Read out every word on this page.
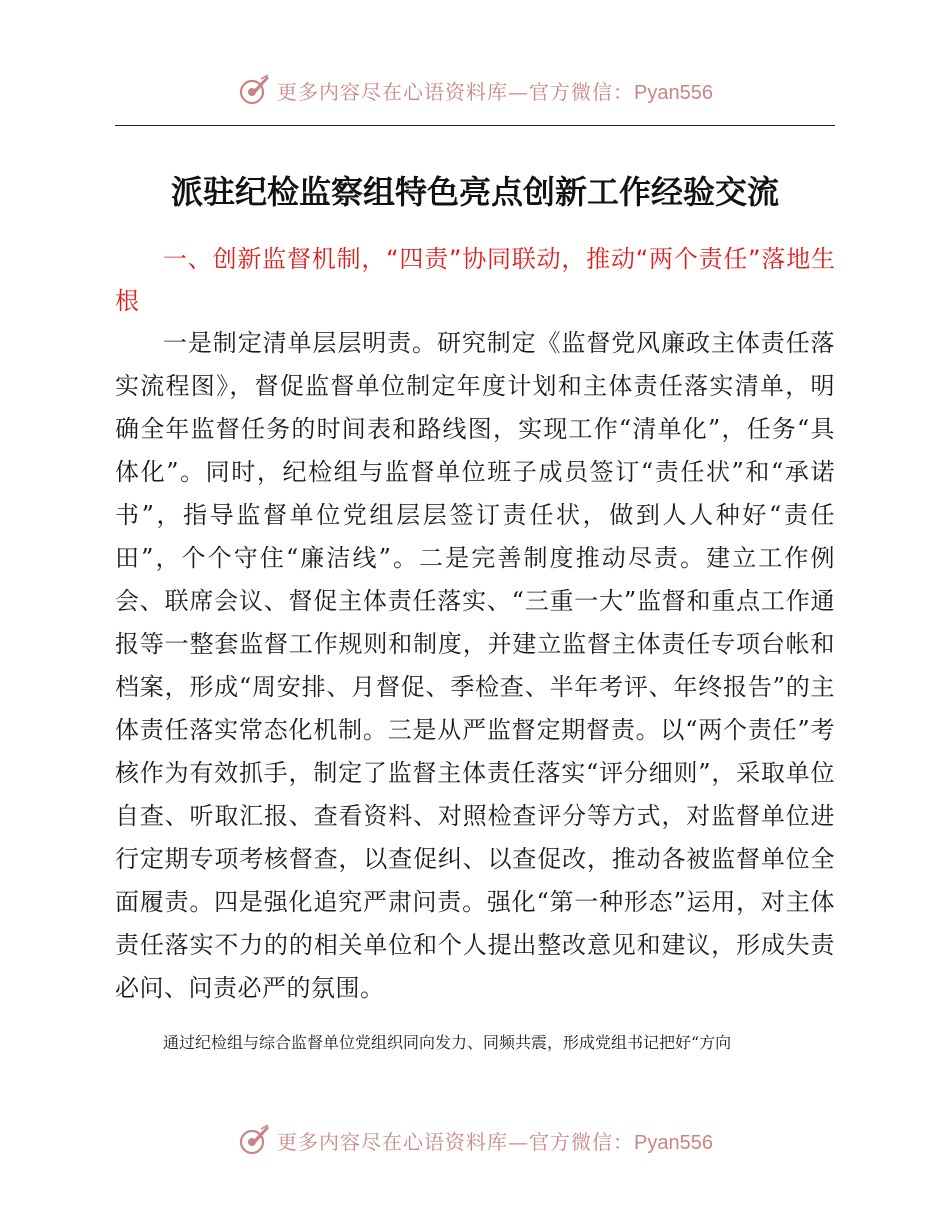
更多内容尽在心语资料库—官方微信：Pyan556
派驻纪检监察组特色亮点创新工作经验交流

一、创新监督机制，“四责”协同联动，推动“两个责任”落地生根

一是制定清单层层明责。研究制定《监督党风廉政主体责任落实流程图》，督促监督单位制定年度计划和主体责任落实清单，明确全年监督任务的时间表和路线图，实现工作“清单化”，任务“具体化”。同时，纪检组与监督单位班子成员签订“责任状”和“承诺书”，指导监督单位党组层层签订责任状，做到人人种好“责任田”，个个守住“廉洁线”。二是完善制度推动尽责。建立工作例会、联席会议、督促主体责任落实、“三重一大”监督和重点工作通报等一整套监督工作规则和制度，并建立监督主体责任专项台帐和档案，形成“周安排、月督促、季检查、半年考评、年终报告”的主体责任落实常态化机制。三是从严监督定期督责。以“两个责任”考核作为有效抓手，制定了监督主体责任落实“评分细则”，采取单位自查、听取汇报、查看资料、对照检查评分等方式，对监督单位进行定期专项考核督查，以查促纠、以查促改，推动各被监督单位全面履责。四是强化追究严肃问责。强化“第一种形态”运用，对主体责任落实不力的的相关单位和个人提出整改意见和建议，形成失责必问、问责必严的氛围。

通过纪检组与综合监督单位党组织同向发力、同频共震，形成党组书记把好“方向

更多内容尽在心语资料库—官方微信：Pyan556
